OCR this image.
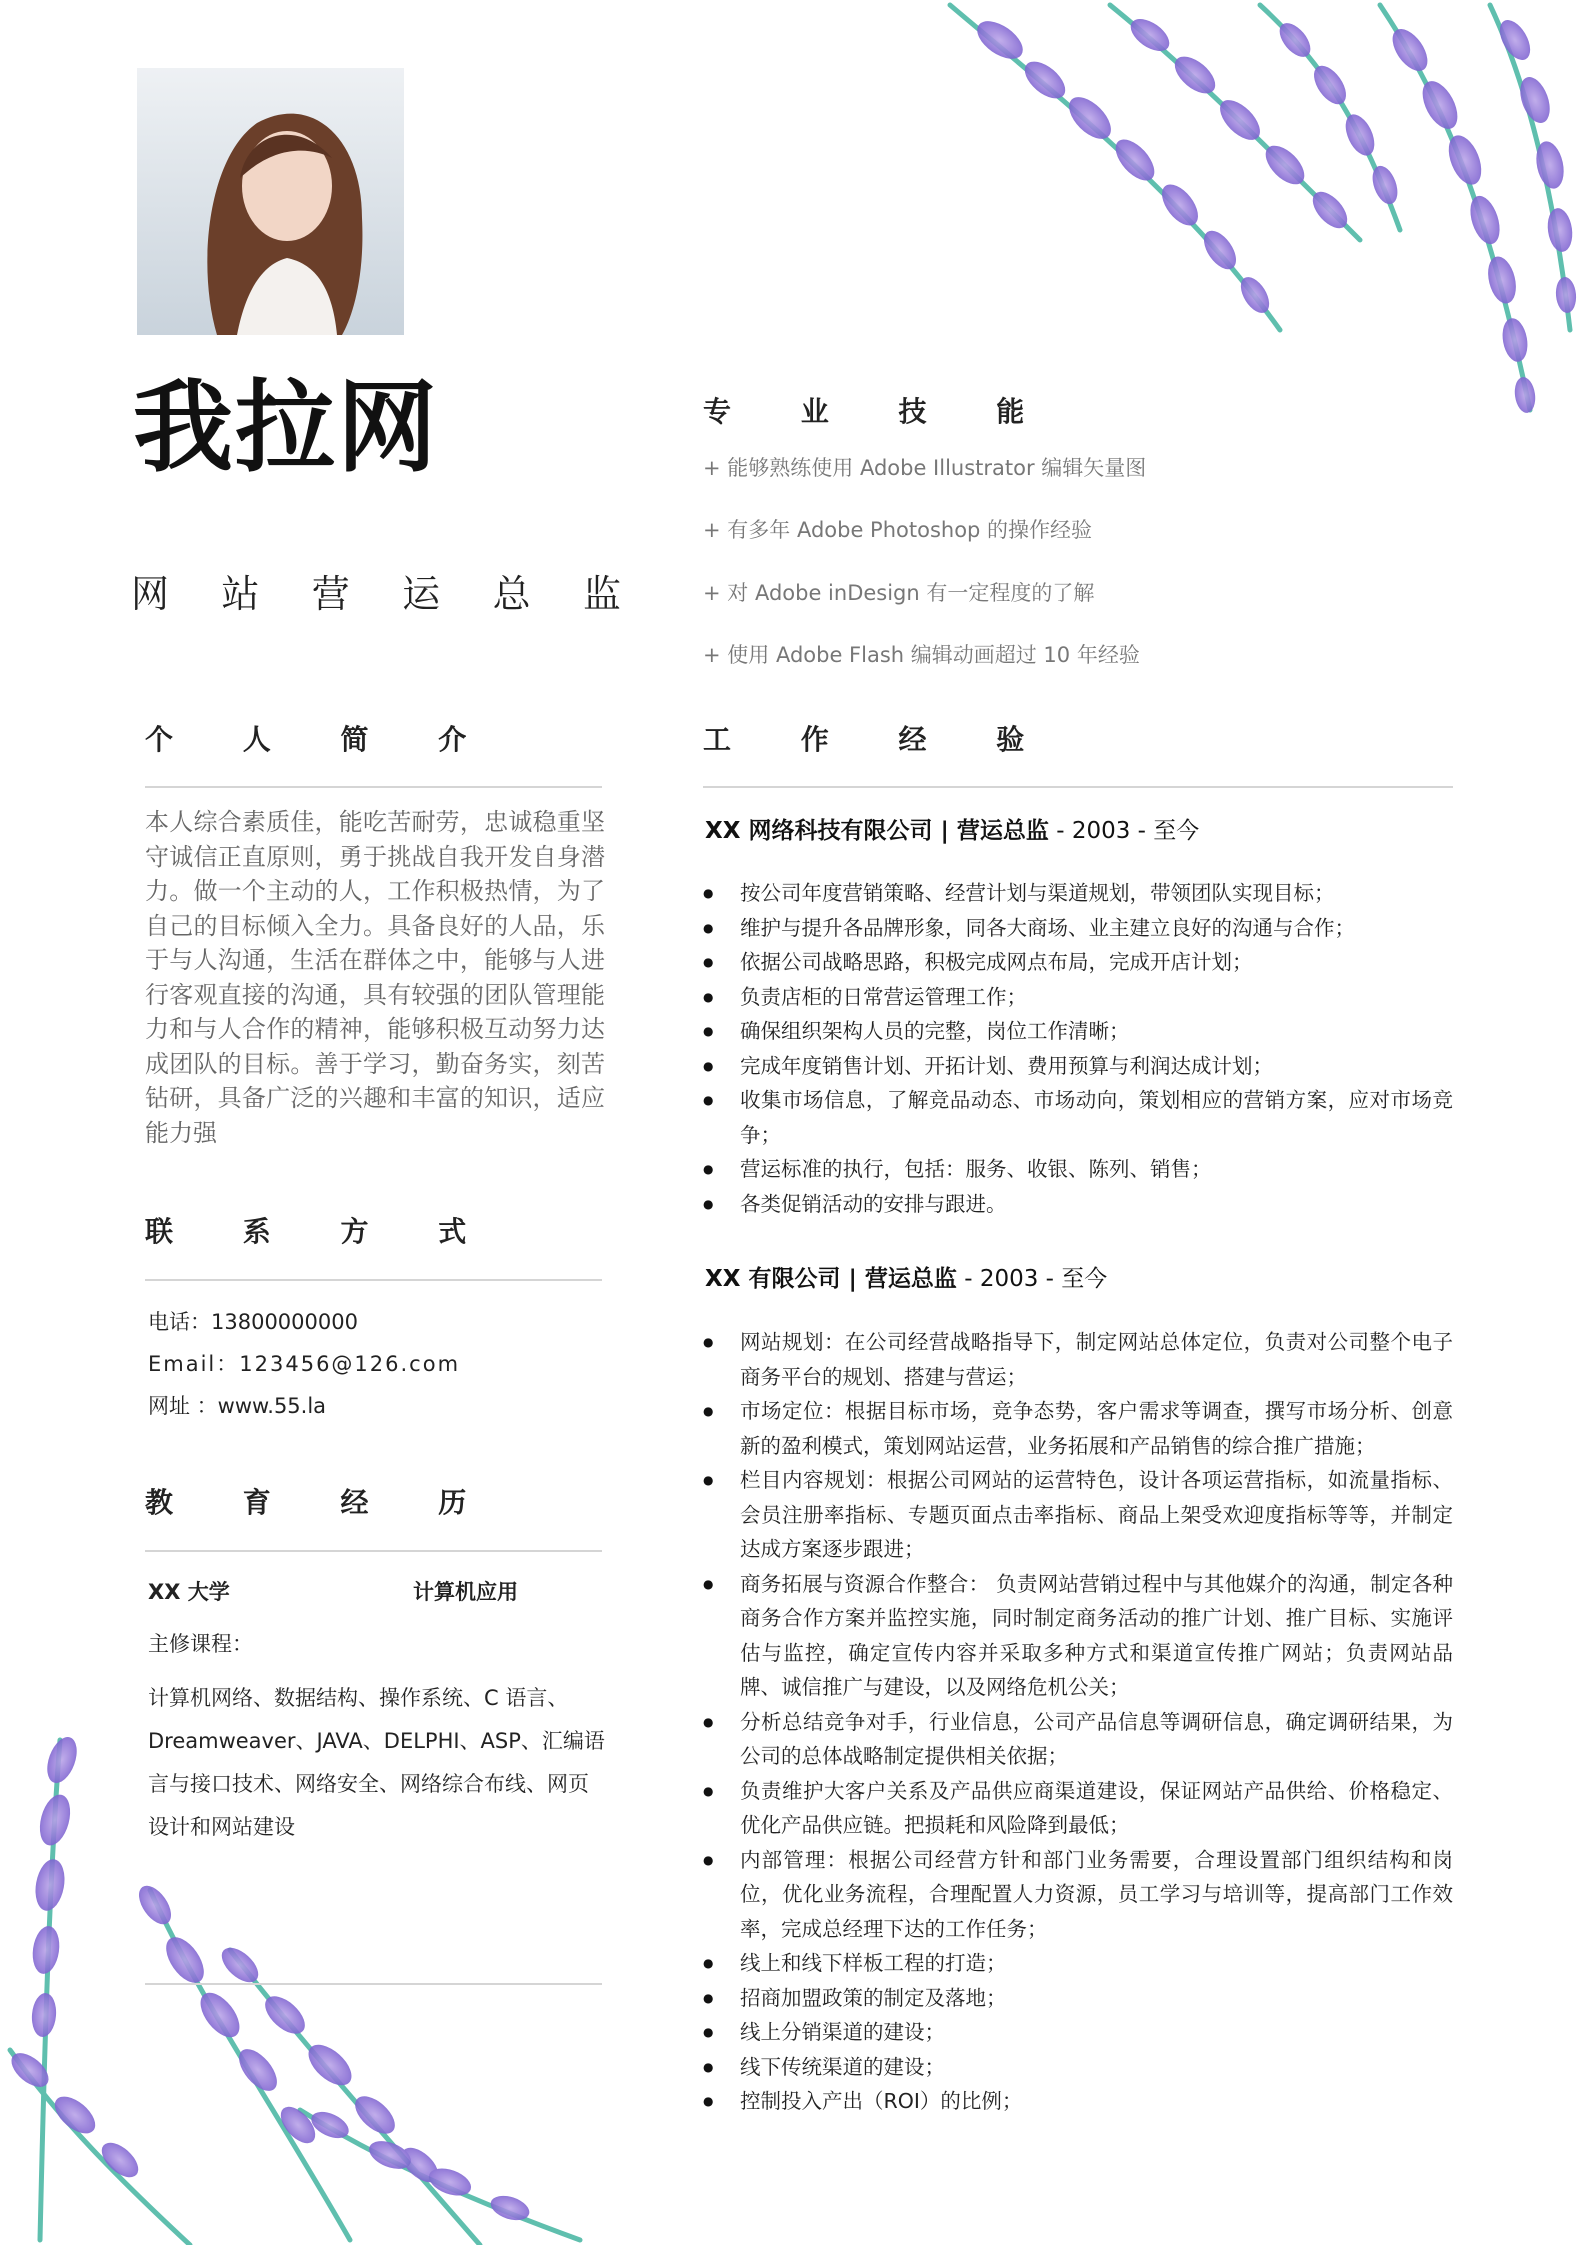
我拉网
网 站 营 运 总 监
个 人 简 介
本人综合素质佳，能吃苦耐劳，忠诚稳重坚守诚信正直原则，勇于挑战自我开发自身潜力。做一个主动的人，工作积极热情，为了自己的目标倾入全力。具备良好的人品，乐于与人沟通，生活在群体之中，能够与人进行客观直接的沟通，具有较强的团队管理能力和与人合作的精神，能够积极互动努力达成团队的目标。善于学习，勤奋务实，刻苦钻研，具备广泛的兴趣和丰富的知识，适应能力强
联 系 方 式
电话：13800000000
Email：123456@126.com
网址 ：www.55.la
教 育 经 历
XX 大学	计算机应用
主修课程：
计算机网络、数据结构、操作系统、C 语言、Dreamweaver、JAVA、DELPHI、ASP、汇编语言与接口技术、网络安全、网络综合布线、网页设计和网站建设
专 业 技 能
+ 能够熟练使用 Adobe Illustrator 编辑矢量图
+ 有多年 Adobe Photoshop 的操作经验
+ 对 Adobe inDesign 有一定程度的了解
+ 使用 Adobe Flash 编辑动画超过 10 年经验
工 作 经 验
XX 网络科技有限公司 | 营运总监 - 2003 - 至今
● 按公司年度营销策略、经营计划与渠道规划，带领团队实现目标；
● 维护与提升各品牌形象，同各大商场、业主建立良好的沟通与合作；
● 依据公司战略思路，积极完成网点布局，完成开店计划；
● 负责店柜的日常营运管理工作；
● 确保组织架构人员的完整，岗位工作清晰；
● 完成年度销售计划、开拓计划、费用预算与利润达成计划；
● 收集市场信息，了解竞品动态、市场动向，策划相应的营销方案，应对市场竞争；
● 营运标准的执行，包括：服务、收银、陈列、销售；
● 各类促销活动的安排与跟进。
XX 有限公司 | 营运总监 - 2003 - 至今
● 网站规划：在公司经营战略指导下，制定网站总体定位，负责对公司整个电子商务平台的规划、搭建与营运；
● 市场定位：根据目标市场，竞争态势，客户需求等调查，撰写市场分析、创意新的盈利模式，策划网站运营，业务拓展和产品销售的综合推广措施；
● 栏目内容规划：根据公司网站的运营特色，设计各项运营指标，如流量指标、会员注册率指标、专题页面点击率指标、商品上架受欢迎度指标等等，并制定达成方案逐步跟进；
● 商务拓展与资源合作整合： 负责网站营销过程中与其他媒介的沟通，制定各种商务合作方案并监控实施，同时制定商务活动的推广计划、推广目标、实施评估与监控，确定宣传内容并采取多种方式和渠道宣传推广网站；负责网站品牌、诚信推广与建设，以及网络危机公关；
● 分析总结竞争对手，行业信息，公司产品信息等调研信息，确定调研结果，为公司的总体战略制定提供相关依据；
● 负责维护大客户关系及产品供应商渠道建设，保证网站产品供给、价格稳定、优化产品供应链。把损耗和风险降到最低；
● 内部管理：根据公司经营方针和部门业务需要，合理设置部门组织结构和岗位，优化业务流程，合理配置人力资源，员工学习与培训等，提高部门工作效率，完成总经理下达的工作任务；
● 线上和线下样板工程的打造；
● 招商加盟政策的制定及落地；
● 线上分销渠道的建设；
● 线下传统渠道的建设；
● 控制投入产出（ROI）的比例；
